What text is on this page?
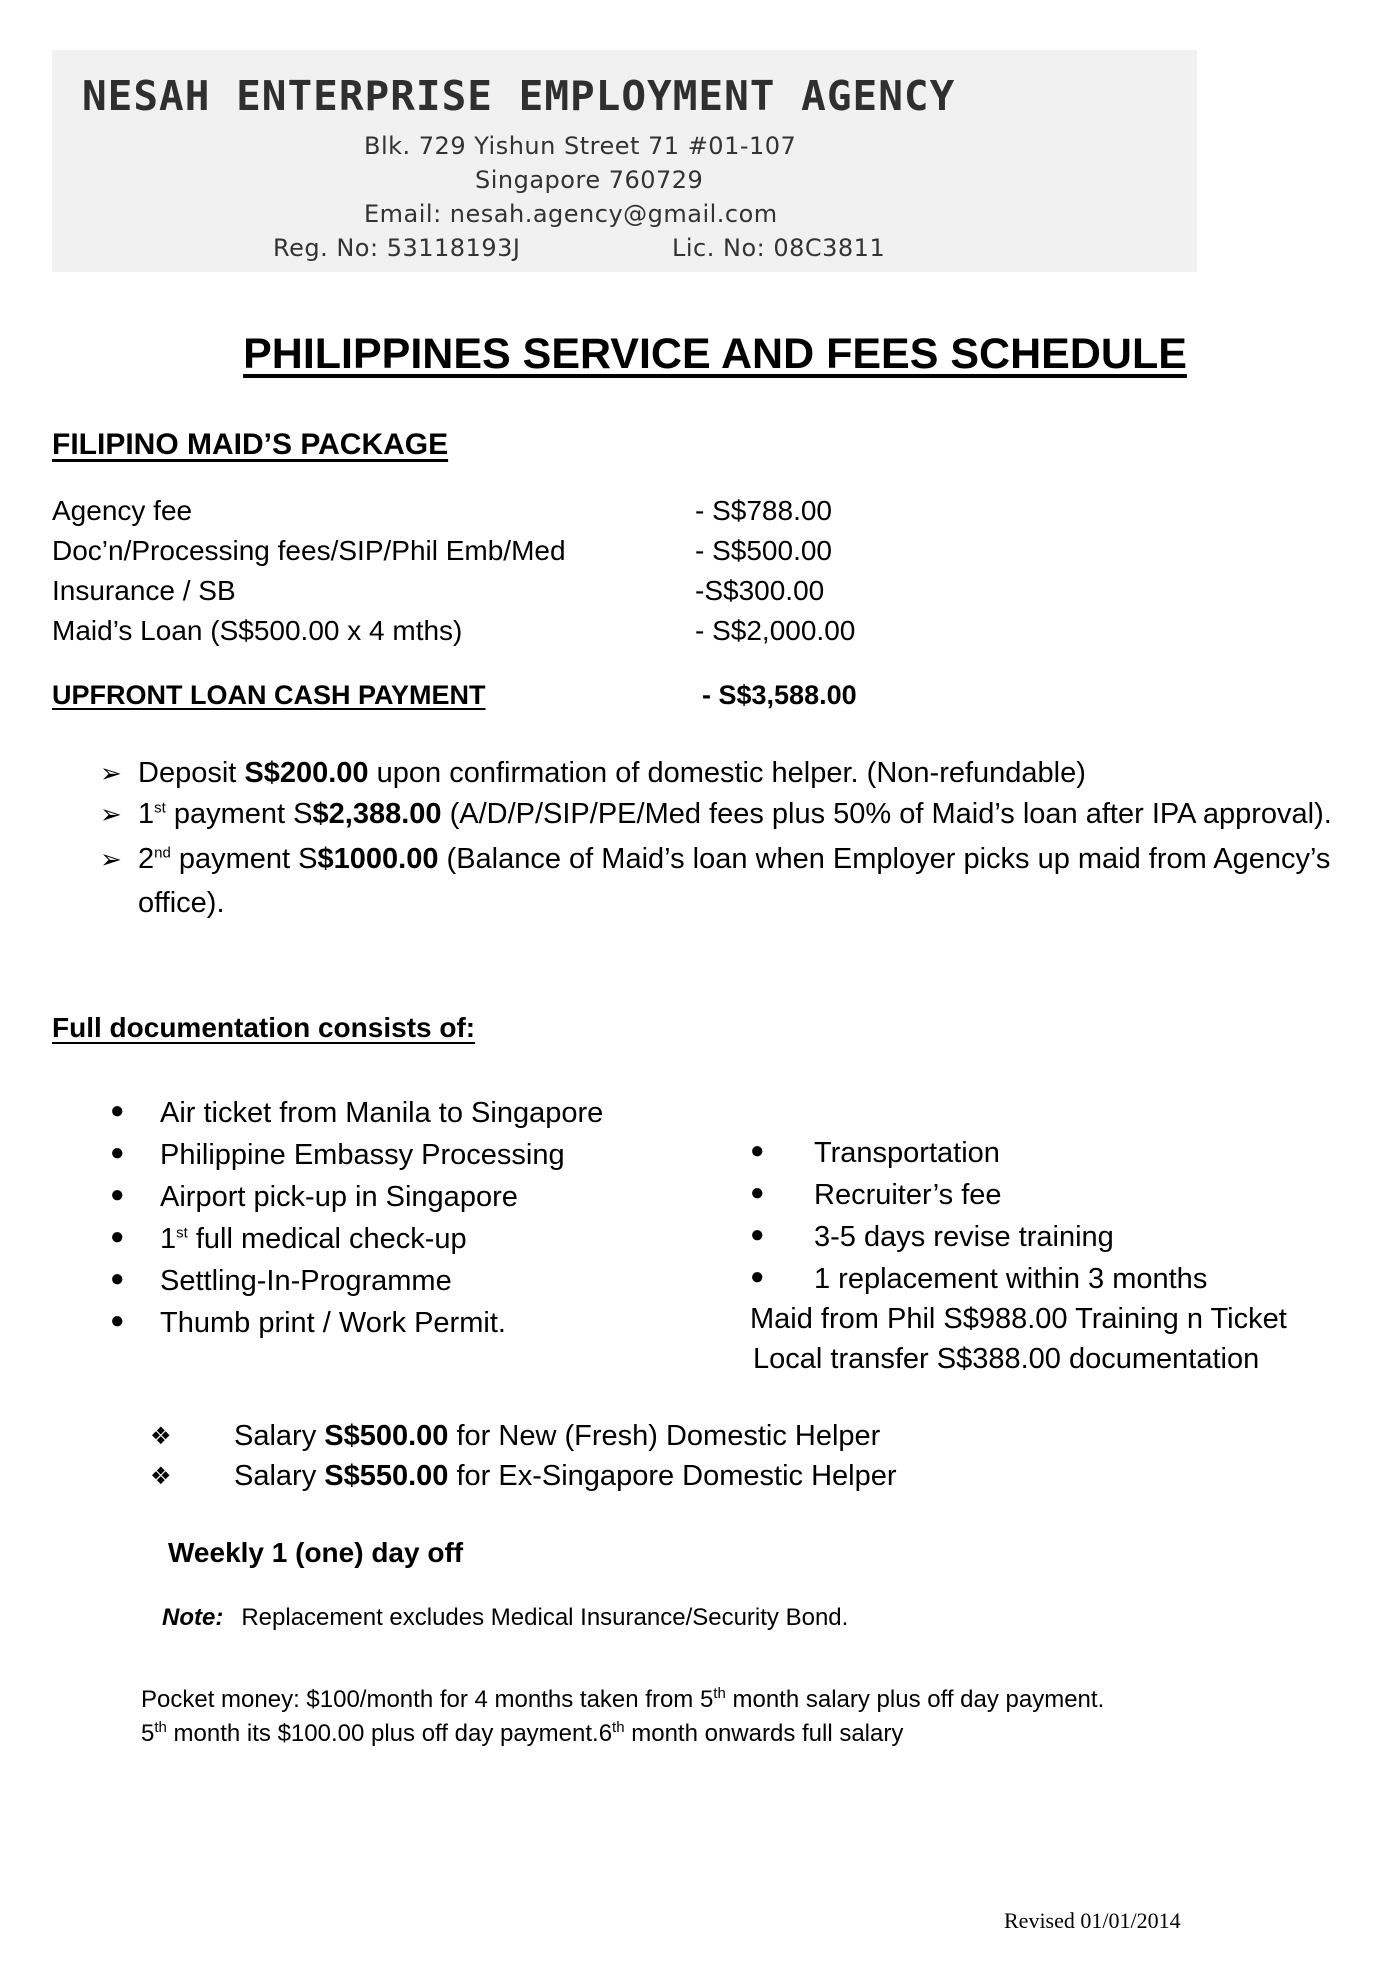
NESAH ENTERPRISE EMPLOYMENT AGENCY
Blk. 729 Yishun Street 71 #01-107
Singapore 760729
Email: nesah.agency@gmail.com
Reg. No: 53118193J	Lic. No: 08C3811
PHILIPPINES SERVICE AND FEES SCHEDULE
FILIPINO MAID’S PACKAGE
Agency fee	- S$788.00
Doc’n/Processing fees/SIP/Phil Emb/Med	- S$500.00
Insurance / SB	-S$300.00
Maid’s Loan (S$500.00 x 4 mths)	- S$2,000.00
UPFRONT LOAN CASH PAYMENT	- S$3,588.00
➢ Deposit S$200.00 upon confirmation of domestic helper. (Non-refundable)
➢ 1st payment S$2,388.00 (A/D/P/SIP/PE/Med fees plus 50% of Maid’s loan after IPA approval).
➢ 2nd payment S$1000.00 (Balance of Maid’s loan when Employer picks up maid from Agency’s
office).
Full documentation consists of:
● Air ticket from Manila to Singapore
● Philippine Embassy Processing
● Airport pick-up in Singapore
● 1st full medical check-up
● Settling-In-Programme
● Thumb print / Work Permit.
● Transportation
● Recruiter’s fee
● 3-5 days revise training
● 1 replacement within 3 months
Maid from Phil S$988.00 Training n Ticket
Local transfer S$388.00 documentation
❖ Salary S$500.00 for New (Fresh) Domestic Helper
❖ Salary S$550.00 for Ex-Singapore Domestic Helper
Weekly 1 (one) day off
Note: Replacement excludes Medical Insurance/Security Bond.
Pocket money: $100/month for 4 months taken from 5th month salary plus off day payment.
5th month its $100.00 plus off day payment.6th month onwards full salary
Revised 01/01/2014
